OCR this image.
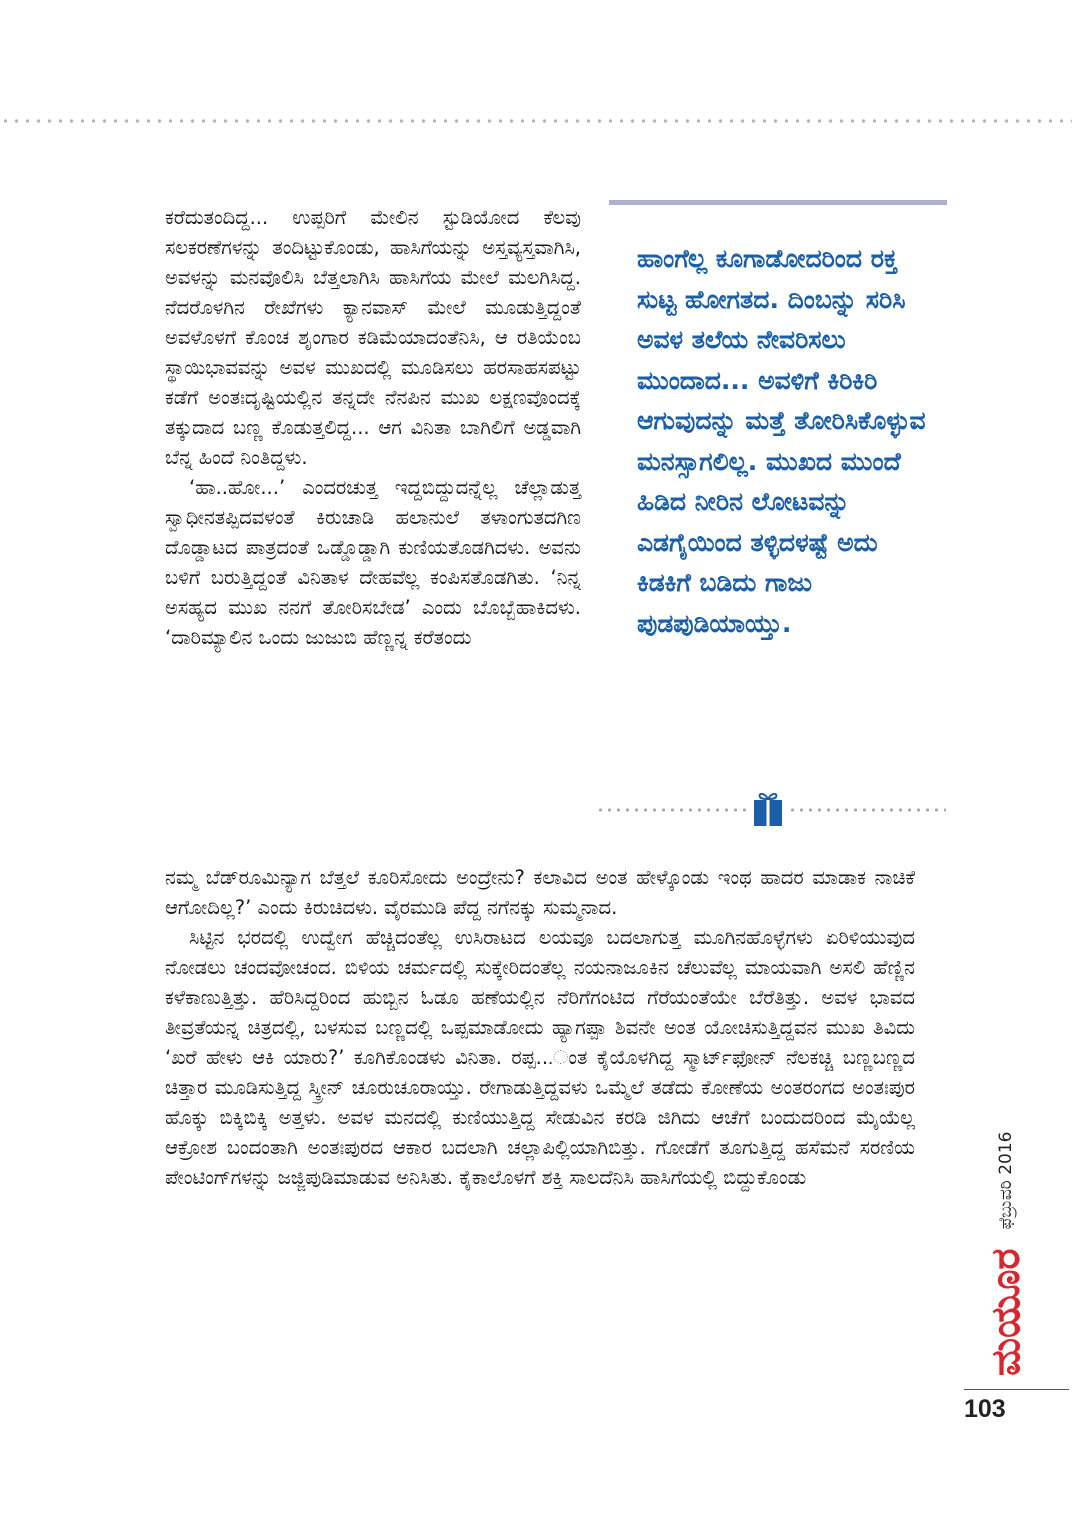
ಕರೆದುತಂದಿದ್ದ... ಉಪ್ಪರಿಗೆ ಮೇಲಿನ ಸ್ಟುಡಿಯೋದ ಕೆಲವು ಸಲಕರಣೆಗಳನ್ನು ತಂದಿಟ್ಟುಕೊಂಡು, ಹಾಸಿಗೆಯನ್ನು ಅಸ್ತವ್ಯಸ್ತವಾಗಿಸಿ, ಅವಳನ್ನು ಮನವೊಲಿಸಿ ಬೆತ್ತಲಾಗಿಸಿ ಹಾಸಿಗೆಯ ಮೇಲೆ ಮಲಗಿಸಿದ್ದ. ನೆದರೊಳಗಿನ ರೇಖೆಗಳು ಕ್ಯಾನವಾಸ್ ಮೇಲೆ ಮೂಡುತ್ತಿದ್ದಂತೆ ಅವಳೊಳಗೆ ಕೊಂಚ ಶೃಂಗಾರ ಕಡಿಮೆಯಾದಂತೆನಿಸಿ, ಆ ರತಿಯೆಂಬ ಸ್ಥಾಯಿಭಾವವನ್ನು ಅವಳ ಮುಖದಲ್ಲಿ ಮೂಡಿಸಲು ಹರಸಾಹಸಪಟ್ಟು ಕಡೆಗೆ ಅಂತಃದೃಷ್ಟಿಯಲ್ಲಿನ ತನ್ನದೇ ನೆನಪಿನ ಮುಖ ಲಕ್ಷಣವೊಂದಕ್ಕೆ ತಕ್ಕುದಾದ ಬಣ್ಣ ಕೊಡುತ್ತಲಿದ್ದ... ಆಗ ವಿನಿತಾ ಬಾಗಿಲಿಗೆ ಅಡ್ಡವಾಗಿ ಬೆನ್ನ ಹಿಂದೆ ನಿಂತಿದ್ದಳು.

‘ಹಾ..ಹೋ...’ ಎಂದರಚುತ್ತ ಇದ್ದಬಿದ್ದುದನ್ನೆಲ್ಲ ಚೆಲ್ಲಾಡುತ್ತ ಸ್ವಾಧೀನತಪ್ಪಿದವಳಂತೆ ಕಿರುಚಾಡಿ ಹಲಾನುಲೆ ತಳಾಂಗುತದಗಿಣ ದೊಡ್ಡಾಟದ ಪಾತ್ರದಂತೆ ಒಡ್ಡೊಡ್ಡಾಗಿ ಕುಣಿಯತೊಡಗಿದಳು. ಅವನು ಬಳಿಗೆ ಬರುತ್ತಿದ್ದಂತೆ ವಿನಿತಾಳ ದೇಹವೆಲ್ಲ ಕಂಪಿಸತೊಡಗಿತು. ‘ನಿನ್ನ ಅಸಹ್ಯದ ಮುಖ ನನಗೆ ತೋರಿಸಬೇಡ’ ಎಂದು ಬೊಬ್ಬೆಹಾಕಿದಳು. ‘ದಾರಿಮ್ಯಾಲಿನ ಒಂದು ಜುಜುಬಿ ಹೆಣ್ಣನ್ನ ಕರೆತಂದು

ಹಾಂಗೆಲ್ಲ ಕೂಗಾಡೋದರಿಂದ ರಕ್ತ ಸುಟ್ಟ ಹೋಗತದ. ದಿಂಬನ್ನು ಸರಿಸಿ ಅವಳ ತಲೆಯ ನೇವರಿಸಲು ಮುಂದಾದ... ಅವಳಿಗೆ ಕಿರಿಕಿರಿ ಆಗುವುದನ್ನು ಮತ್ತೆ ತೋರಿಸಿಕೊಳ್ಳುವ ಮನಸ್ಸಾಗಲಿಲ್ಲ. ಮುಖದ ಮುಂದೆ ಹಿಡಿದ ನೀರಿನ ಲೋಟವನ್ನು ಎಡಗೈಯಿಂದ ತಳ್ಳಿದಳಷ್ಟೆ ಅದು ಕಿಡಕಿಗೆ ಬಡಿದು ಗಾಜು ಪುಡಪುಡಿಯಾಯ್ತು.

ನಮ್ಮ ಬೆಡ್‌ರೂಮಿನ್ಯಾಗ ಬೆತ್ತಲೆ ಕೂರಿಸೋದು ಅಂದ್ರೇನು? ಕಲಾವಿದ ಅಂತ ಹೇಳ್ಕೊಂಡು ಇಂಥ ಹಾದರ ಮಾಡಾಕ ನಾಚಿಕೆ ಆಗೋದಿಲ್ಲ?’ ಎಂದು ಕಿರುಚಿದಳು. ವೈರಮುಡಿ ಪೆದ್ದ ನಗೆನಕ್ಕು ಸುಮ್ಮನಾದ.

ಸಿಟ್ಟಿನ ಭರದಲ್ಲಿ ಉದ್ವೇಗ ಹೆಚ್ಚಿದಂತೆಲ್ಲ ಉಸಿರಾಟದ ಲಯವೂ ಬದಲಾಗುತ್ತ ಮೂಗಿನಹೊಳ್ಳೆಗಳು ಏರಿಳಿಯುವುದ ನೋಡಲು ಚಂದವೋಚಂದ. ಬಿಳಿಯ ಚರ್ಮದಲ್ಲಿ ಸುಕ್ಕೇರಿದಂತೆಲ್ಲ ನಯನಾಜೂಕಿನ ಚೆಲುವೆಲ್ಲ ಮಾಯವಾಗಿ ಅಸಲಿ ಹೆಣ್ಣಿನ ಕಳೆಕಾಣುತ್ತಿತ್ತು. ಹೆರಿಸಿದ್ದರಿಂದ ಹುಬ್ಬಿನ ಓಡೂ ಹಣೆಯಲ್ಲಿನ ನೆರಿಗೆಗಂಟಿದ ಗೆರೆಯಂತೆಯೇ ಬೆರೆತಿತ್ತು. ಅವಳ ಭಾವದ ತೀವ್ರತೆಯನ್ನ ಚಿತ್ರದಲ್ಲಿ, ಬಳಸುವ ಬಣ್ಣದಲ್ಲಿ ಒಪ್ಪಮಾಡೋದು ಹ್ಯಾಗಪ್ಪಾ ಶಿವನೇ ಅಂತ ಯೋಚಿಸುತ್ತಿದ್ದವನ ಮುಖ ತಿವಿದು ‘ಖರೆ ಹೇಳು ಆಕಿ ಯಾರು?’ ಕೂಗಿಕೊಂಡಳು ವಿನಿತಾ. ರಪ್ಪ...ಂತ ಕೈಯೊಳಗಿದ್ದ ಸ್ಮಾರ್ಟ್‌ಫೋನ್ ನೆಲಕಚ್ಚಿ ಬಣ್ಣಬಣ್ಣದ ಚಿತ್ತಾರ ಮೂಡಿಸುತ್ತಿದ್ದ ಸ್ಕ್ರೀನ್ ಚೂರುಚೂರಾಯ್ತು. ರೇಗಾಡುತ್ತಿದ್ದವಳು ಒಮ್ಮೆಲೆ ತಡೆದು ಕೋಣೆಯ ಅಂತರಂಗದ ಅಂತಃಪುರ ಹೊಕ್ಕು ಬಿಕ್ಕಿಬಿಕ್ಕಿ ಅತ್ತಳು. ಅವಳ ಮನದಲ್ಲಿ ಕುಣಿಯುತ್ತಿದ್ದ ಸೇಡುವಿನ ಕರಡಿ ಜಿಗಿದು ಆಚೆಗೆ ಬಂದುದರಿಂದ ಮೈಯೆಲ್ಲ ಆಕ್ರೋಶ ಬಂದಂತಾಗಿ ಅಂತಃಪುರದ ಆಕಾರ ಬದಲಾಗಿ ಚಲ್ಲಾಪಿಲ್ಲಿಯಾಗಿಬಿತ್ತು. ಗೋಡೆಗೆ ತೂಗುತ್ತಿದ್ದ ಹಸೆಮನೆ ಸರಣಿಯ ಪೇಂಟಿಂಗ್‌ಗಳನ್ನು ಜಜ್ಜಿಪುಡಿಮಾಡುವ ಅನಿಸಿತು. ಕೈಕಾಲೊಳಗೆ ಶಕ್ತಿ ಸಾಲದೆನಿಸಿ ಹಾಸಿಗೆಯಲ್ಲಿ ಬಿದ್ದುಕೊಂಡು

ಮಯೂರ ಫೆಬ್ರುವರಿ 2016
103
